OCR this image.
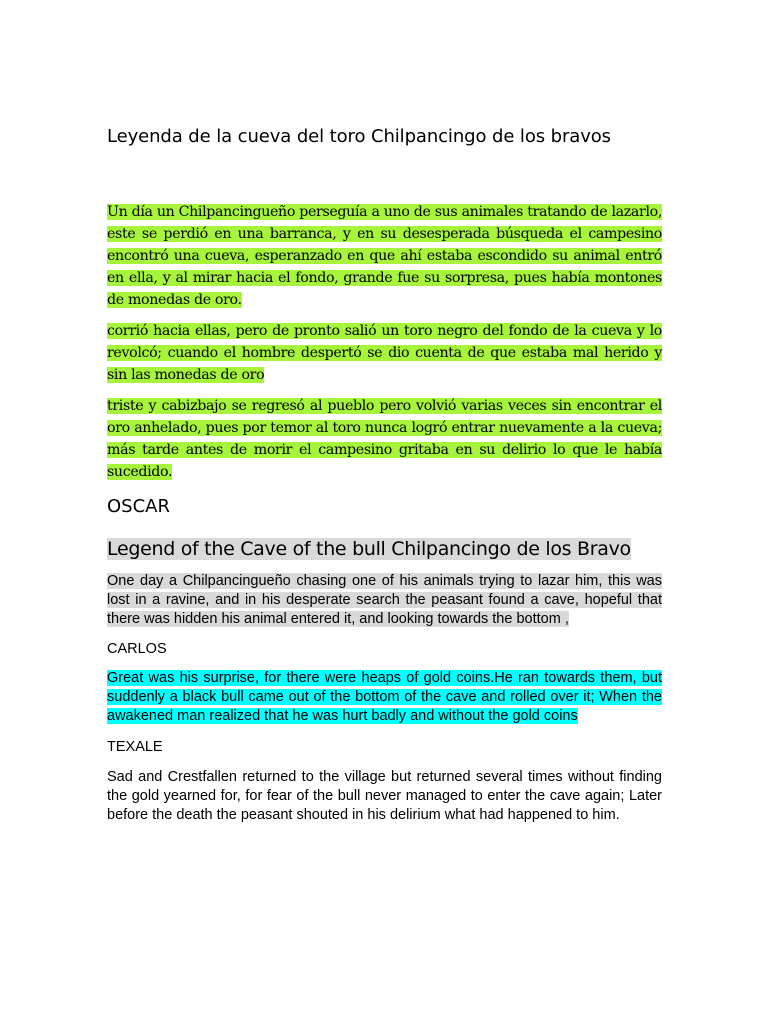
Leyenda de la cueva del toro Chilpancingo de los bravos

Un día un Chilpancingueño perseguía a uno de sus animales tratando de lazarlo, este se perdió en una barranca, y en su desesperada búsqueda el campesino encontró una cueva, esperanzado en que ahí estaba escondido su animal entró en ella, y al mirar hacia el fondo, grande fue su sorpresa, pues había montones de monedas de oro.

corrió hacia ellas, pero de pronto salió un toro negro del fondo de la cueva y lo revolcó; cuando el hombre despertó se dio cuenta de que estaba mal herido y sin las monedas de oro

triste y cabizbajo se regresó al pueblo pero volvió varias veces sin encontrar el oro anhelado, pues por temor al toro nunca logró entrar nuevamente a la cueva; más tarde antes de morir el campesino gritaba en su delirio lo que le había sucedido.

OSCAR
Legend of the Cave of the bull Chilpancingo de los Bravo

One day a Chilpancingueño chasing one of his animals trying to lazar him, this was lost in a ravine, and in his desperate search the peasant found a cave, hopeful that there was hidden his animal entered it, and looking towards the bottom ,

CARLOS

Great was his surprise, for there were heaps of gold coins.He ran towards them, but suddenly a black bull came out of the bottom of the cave and rolled over it; When the awakened man realized that he was hurt badly and without the gold coins

TEXALE

Sad and Crestfallen returned to the village but returned several times without finding the gold yearned for, for fear of the bull never managed to enter the cave again; Later before the death the peasant shouted in his delirium what had happened to him.
